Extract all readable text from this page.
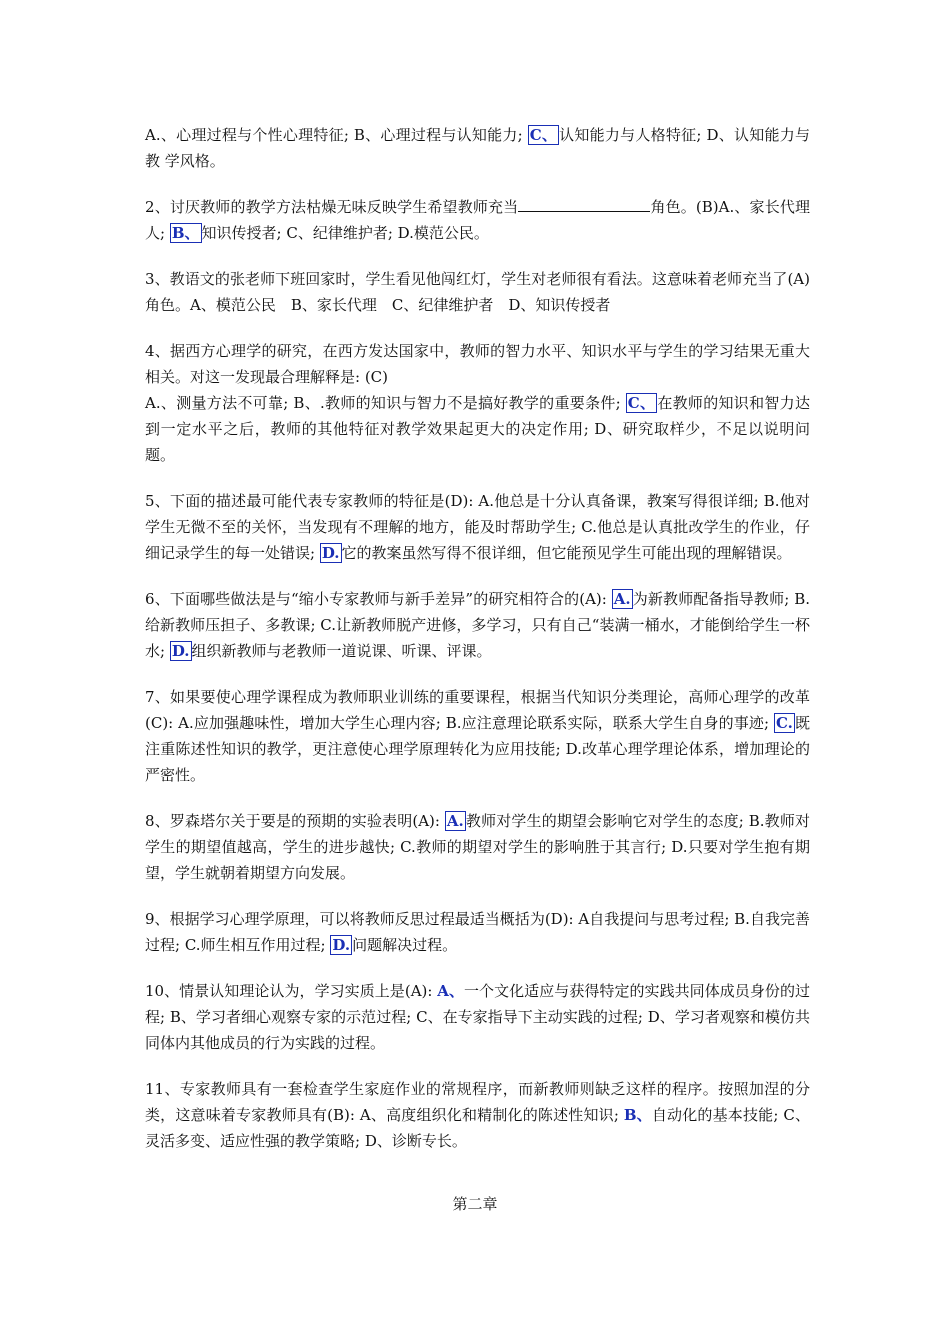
A.、心理过程与个性心理特征; B、心理过程与认知能力; C、 认知能力与人格特征; D、认知能力与教 学风格。

2、讨厌教师的教学方法枯燥无味反映学生希望教师充当	角色。(B)A.、家长代理人; B、 知识传授者; C、纪律维护者; D.模范公民。

3、教语文的张老师下班回家时，学生看见他闯红灯，学生对老师很有看法。这意味着老师充当了(A)角色。A、模范公民　B、家长代理　C、纪律维护者　D、知识传授者

4、据西方心理学的研究，在西方发达国家中，教师的智力水平、知识水平与学生的学习结果无重大相关。对这一发现最合理解释是: (C)
A.、测量方法不可靠; B、.教师的知识与智力不是搞好教学的重要条件; C、 在教师的知识和智力达到一定水平之后，教师的其他特征对教学效果起更大的决定作用; D、研究取样少，不足以说明问题。

5、下面的描述最可能代表专家教师的特征是(D): A.他总是十分认真备课，教案写得很详细; B.他对学生无微不至的关怀，当发现有不理解的地方，能及时帮助学生; C.他总是认真批改学生的作业，仔细记录学生的每一处错误; D. 它的教案虽然写得不很详细，但它能预见学生可能出现的理解错误。

6、下面哪些做法是与“缩小专家教师与新手差异”的研究相符合的(A): A. 为新教师配备指导教师; B.给新教师压担子、多教课; C.让新教师脱产进修，多学习，只有自己“装满一桶水，才能倒给学生一杯水; D. 组织新教师与老教师一道说课、听课、评课。

7、如果要使心理学课程成为教师职业训练的重要课程，根据当代知识分类理论，高师心理学的改革(C): A.应加强趣味性，增加大学生心理内容; B.应注意理论联系实际，联系大学生自身的事迹; C. 既注重陈述性知识的教学，更注意使心理学原理转化为应用技能; D.改革心理学理论体系，增加理论的严密性。

8、罗森塔尔关于要是的预期的实验表明(A): A. 教师对学生的期望会影响它对学生的态度; B.教师对学生的期望值越高，学生的进步越快; C.教师的期望对学生的影响胜于其言行; D.只要对学生抱有期望，学生就朝着期望方向发展。

9、根据学习心理学原理，可以将教师反思过程最适当概括为(D): A自我提问与思考过程; B.自我完善过程; C.师生相互作用过程; D. 问题解决过程。

10、情景认知理论认为，学习实质上是(A): A、一个文化适应与获得特定的实践共同体成员身份的过程; B、学习者细心观察专家的示范过程; C、在专家指导下主动实践的过程; D、学习者观察和模仿共同体内其他成员的行为实践的过程。

11、专家教师具有一套检查学生家庭作业的常规程序，而新教师则缺乏这样的程序。按照加涅的分类，这意味着专家教师具有(B): A、高度组织化和精制化的陈述性知识; B、自动化的基本技能; C、灵活多变、适应性强的教学策略; D、诊断专长。

第二章
